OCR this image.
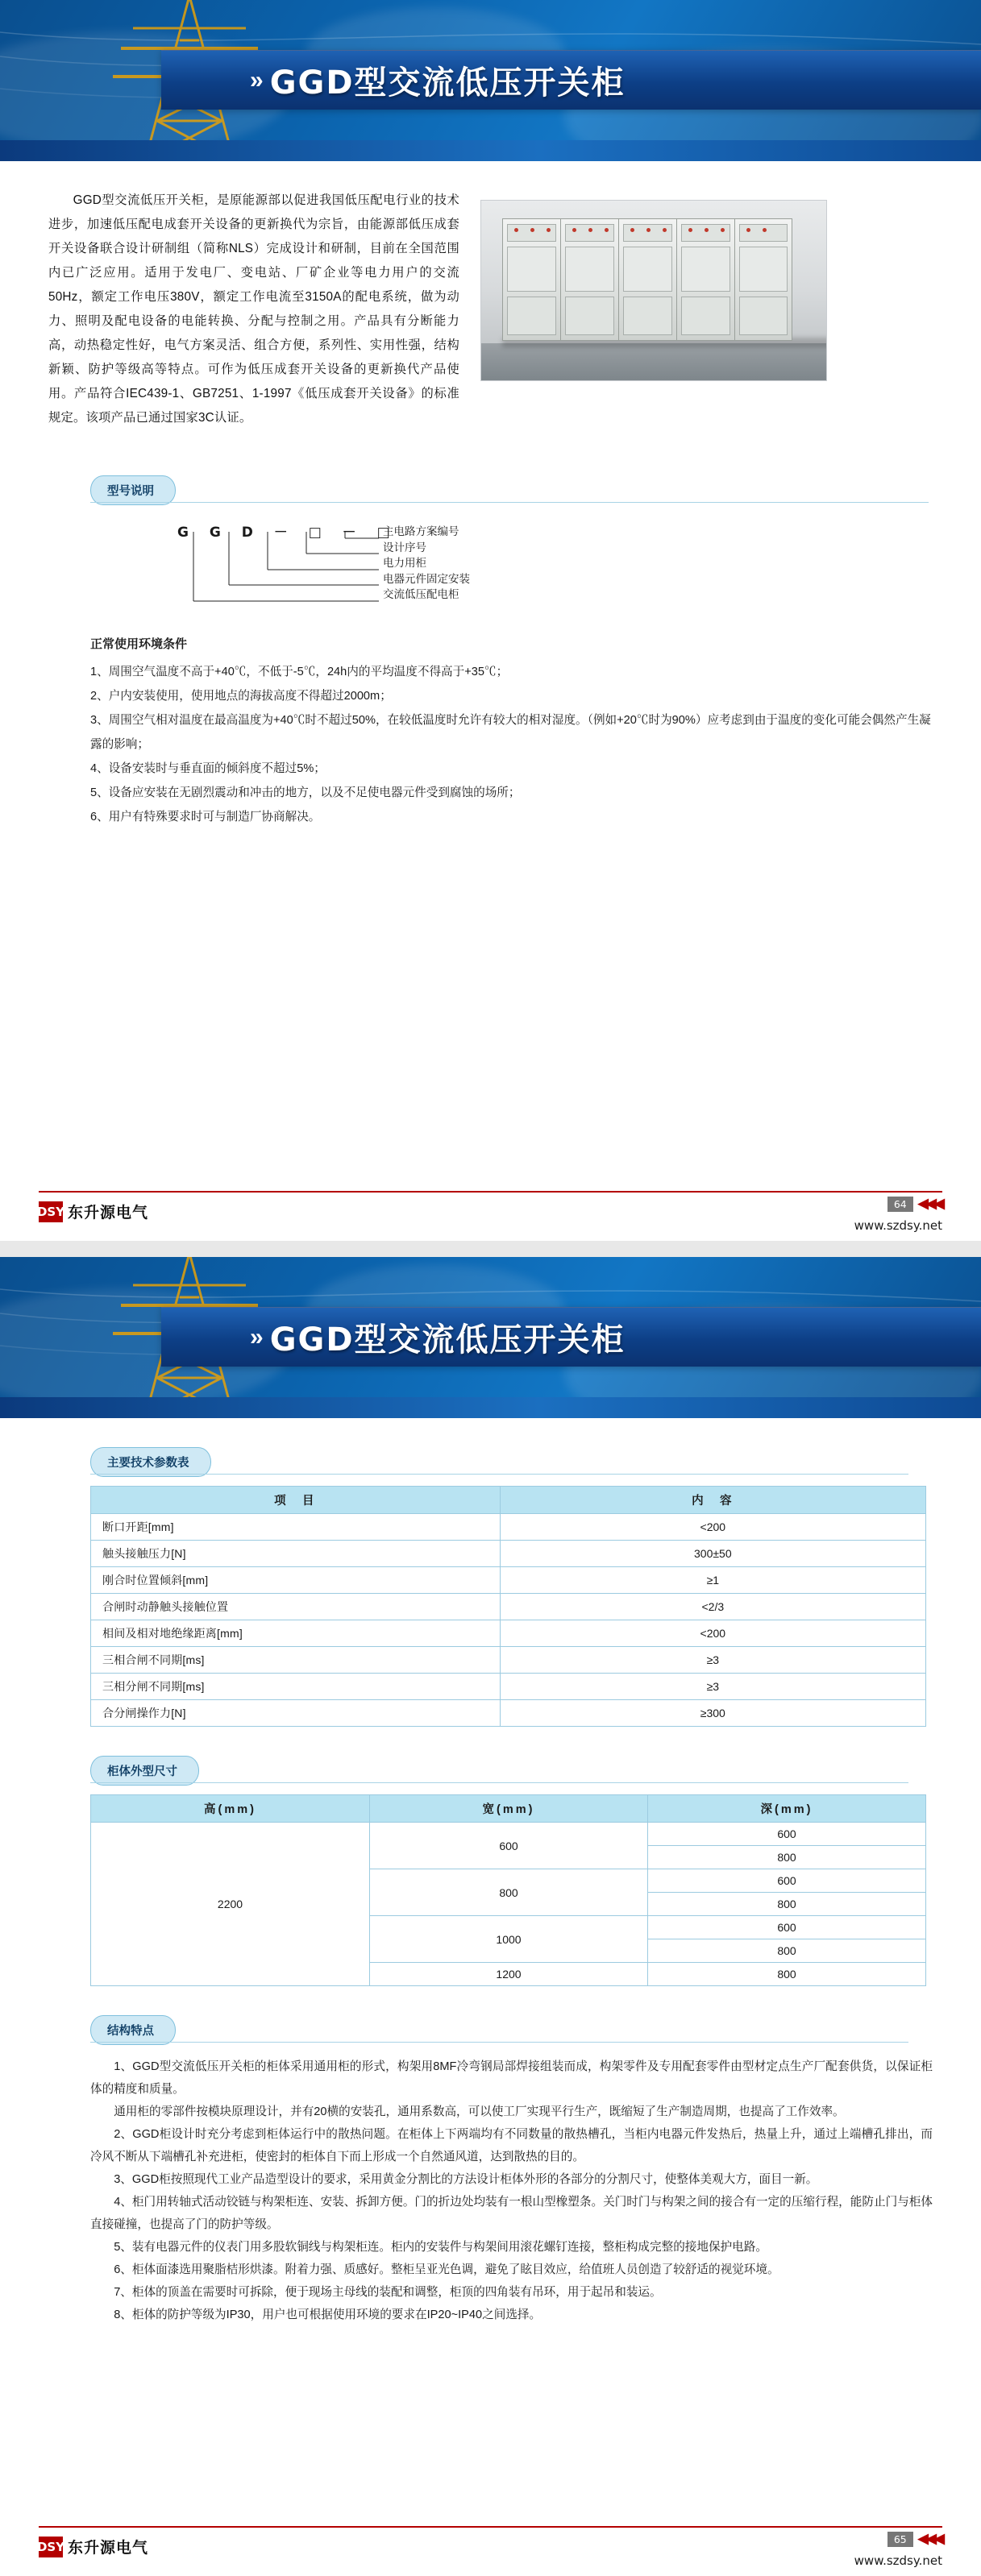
» GGD型交流低压开关柜
GGD型交流低压开关柜，是原能源部以促进我国低压配电行业的技术进步，加速低压配电成套开关设备的更新换代为宗旨，由能源部低压成套开关设备联合设计研制组（简称NLS）完成设计和研制，目前在全国范围内已广泛应用。适用于发电厂、变电站、厂矿企业等电力用户的交流50Hz，额定工作电压380V，额定工作电流至3150A的配电系统，做为动力、照明及配电设备的电能转换、分配与控制之用。产品具有分断能力高，动热稳定性好，电气方案灵活、组合方便，系列性、实用性强，结构新颖、防护等级高等特点。可作为低压成套开关设备的更新换代产品使用。产品符合IEC439-1、GB7251、1-1997《低压成套开关设备》的标准规定。该项产品已通过国家3C认证。
型号说明
G G D － □ － □
主电路方案编号
设计序号
电力用柜
电器元件固定安装
交流低压配电柜
正常使用环境条件
1、周围空气温度不高于+40℃，不低于-5℃，24h内的平均温度不得高于+35℃；
2、户内安装使用，使用地点的海拔高度不得超过2000m；
3、周围空气相对温度在最高温度为+40℃时不超过50%，在较低温度时允许有较大的相对湿度。（例如+20℃时为90%）应考虑到由于温度的变化可能会偶然产生凝露的影响；
4、设备安装时与垂直面的倾斜度不超过5%；
5、设备应安装在无剧烈震动和冲击的地方，以及不足使电器元件受到腐蚀的场所；
6、用户有特殊要求时可与制造厂协商解决。
64 ◀◀◀
DSY 东升源电气
www.szdsy.net
» GGD型交流低压开关柜
主要技术参数表
项　目	内　容
断口开距[mm]	<200
触头接触压力[N]	300±50
刚合时位置倾斜[mm]	≥1
合闸时动静触头接触位置	<2/3
相间及相对地绝缘距离[mm]	<200
三相合闸不同期[ms]	≥3
三相分闸不同期[ms]	≥3
合分闸操作力[N]	≥300
柜体外型尺寸
高(mm)	宽(mm)	深(mm)
2200	600	600
		800
	800	600
		800
	1000	600
		800
	1200	800
结构特点
1、GGD型交流低压开关柜的柜体采用通用柜的形式，构架用8MF冷弯钢局部焊接组装而成，构架零件及专用配套零件由型材定点生产厂配套供货，以保证柜体的精度和质量。
通用柜的零部件按模块原理设计，并有20横的安装孔，通用系数高，可以使工厂实现平行生产，既缩短了生产制造周期，也提高了工作效率。
2、GGD柜设计时充分考虑到柜体运行中的散热问题。在柜体上下两端均有不同数量的散热槽孔，当柜内电器元件发热后，热量上升，通过上端槽孔排出，而冷风不断从下端槽孔补充进柜，使密封的柜体自下而上形成一个自然通风道，达到散热的目的。
3、GGD柜按照现代工业产品造型设计的要求，采用黄金分割比的方法设计柜体外形的各部分的分割尺寸，使整体美观大方，面目一新。
4、柜门用转轴式活动铰链与构架柜连、安装、拆卸方便。门的折边处均装有一根山型橡塑条。关门时门与构架之间的接合有一定的压缩行程，能防止门与柜体直接碰撞，也提高了门的防护等级。
5、装有电器元件的仪表门用多股软铜线与构架柜连。柜内的安装件与构架间用滚花螺钉连接，整柜构成完整的接地保护电路。
6、柜体面漆选用聚脂桔形烘漆。附着力强、质感好。整柜呈亚光色调，避免了眩目效应，给值班人员创造了较舒适的视觉环境。
7、柜体的顶盖在需要时可拆除，便于现场主母线的装配和调整，柜顶的四角装有吊环，用于起吊和装运。
8、柜体的防护等级为IP30，用户也可根据使用环境的要求在IP20~IP40之间选择。
65 ◀◀◀
DSY 东升源电气
www.szdsy.net
